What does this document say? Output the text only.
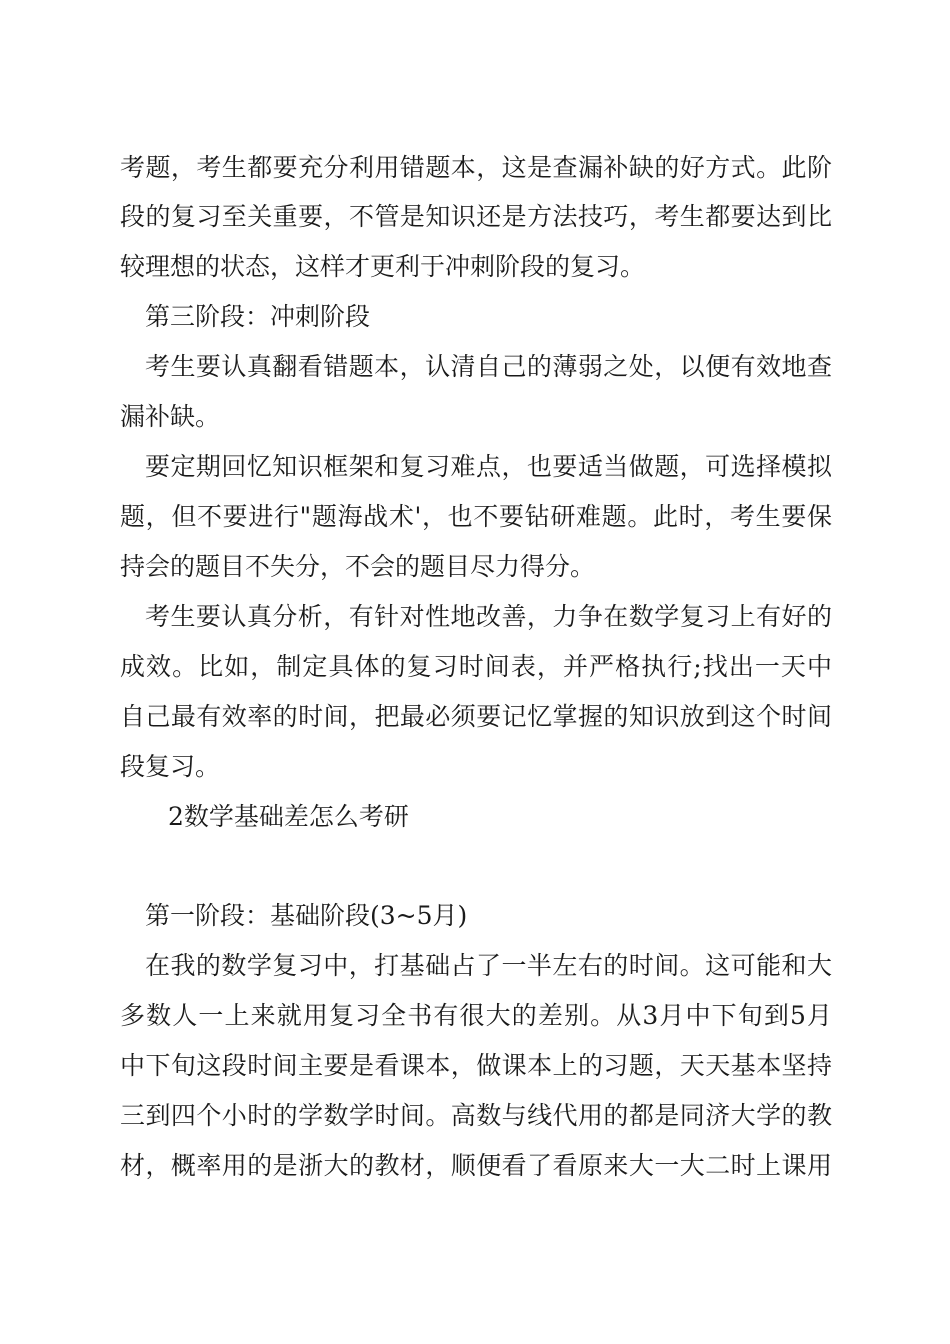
考题，考生都要充分利用错题本，这是查漏补缺的好方式。此阶
段的复习至关重要，不管是知识还是方法技巧，考生都要达到比
较理想的状态，这样才更利于冲刺阶段的复习。
第三阶段：冲刺阶段
考生要认真翻看错题本，认清自己的薄弱之处，以便有效地查
漏补缺。
要定期回忆知识框架和复习难点，也要适当做题，可选择模拟
题，但不要进行"题海战术'，也不要钻研难题。此时，考生要保
持会的题目不失分，不会的题目尽力得分。
考生要认真分析，有针对性地改善，力争在数学复习上有好的
成效。比如，制定具体的复习时间表，并严格执行;找出一天中
自己最有效率的时间，把最必须要记忆掌握的知识放到这个时间
段复习。
2数学基础差怎么考研
第一阶段：基础阶段(3~5月)
在我的数学复习中，打基础占了一半左右的时间。这可能和大
多数人一上来就用复习全书有很大的差别。从3月中下旬到5月
中下旬这段时间主要是看课本，做课本上的习题，天天基本坚持
三到四个小时的学数学时间。高数与线代用的都是同济大学的教
材，概率用的是浙大的教材，顺便看了看原来大一大二时上课用
